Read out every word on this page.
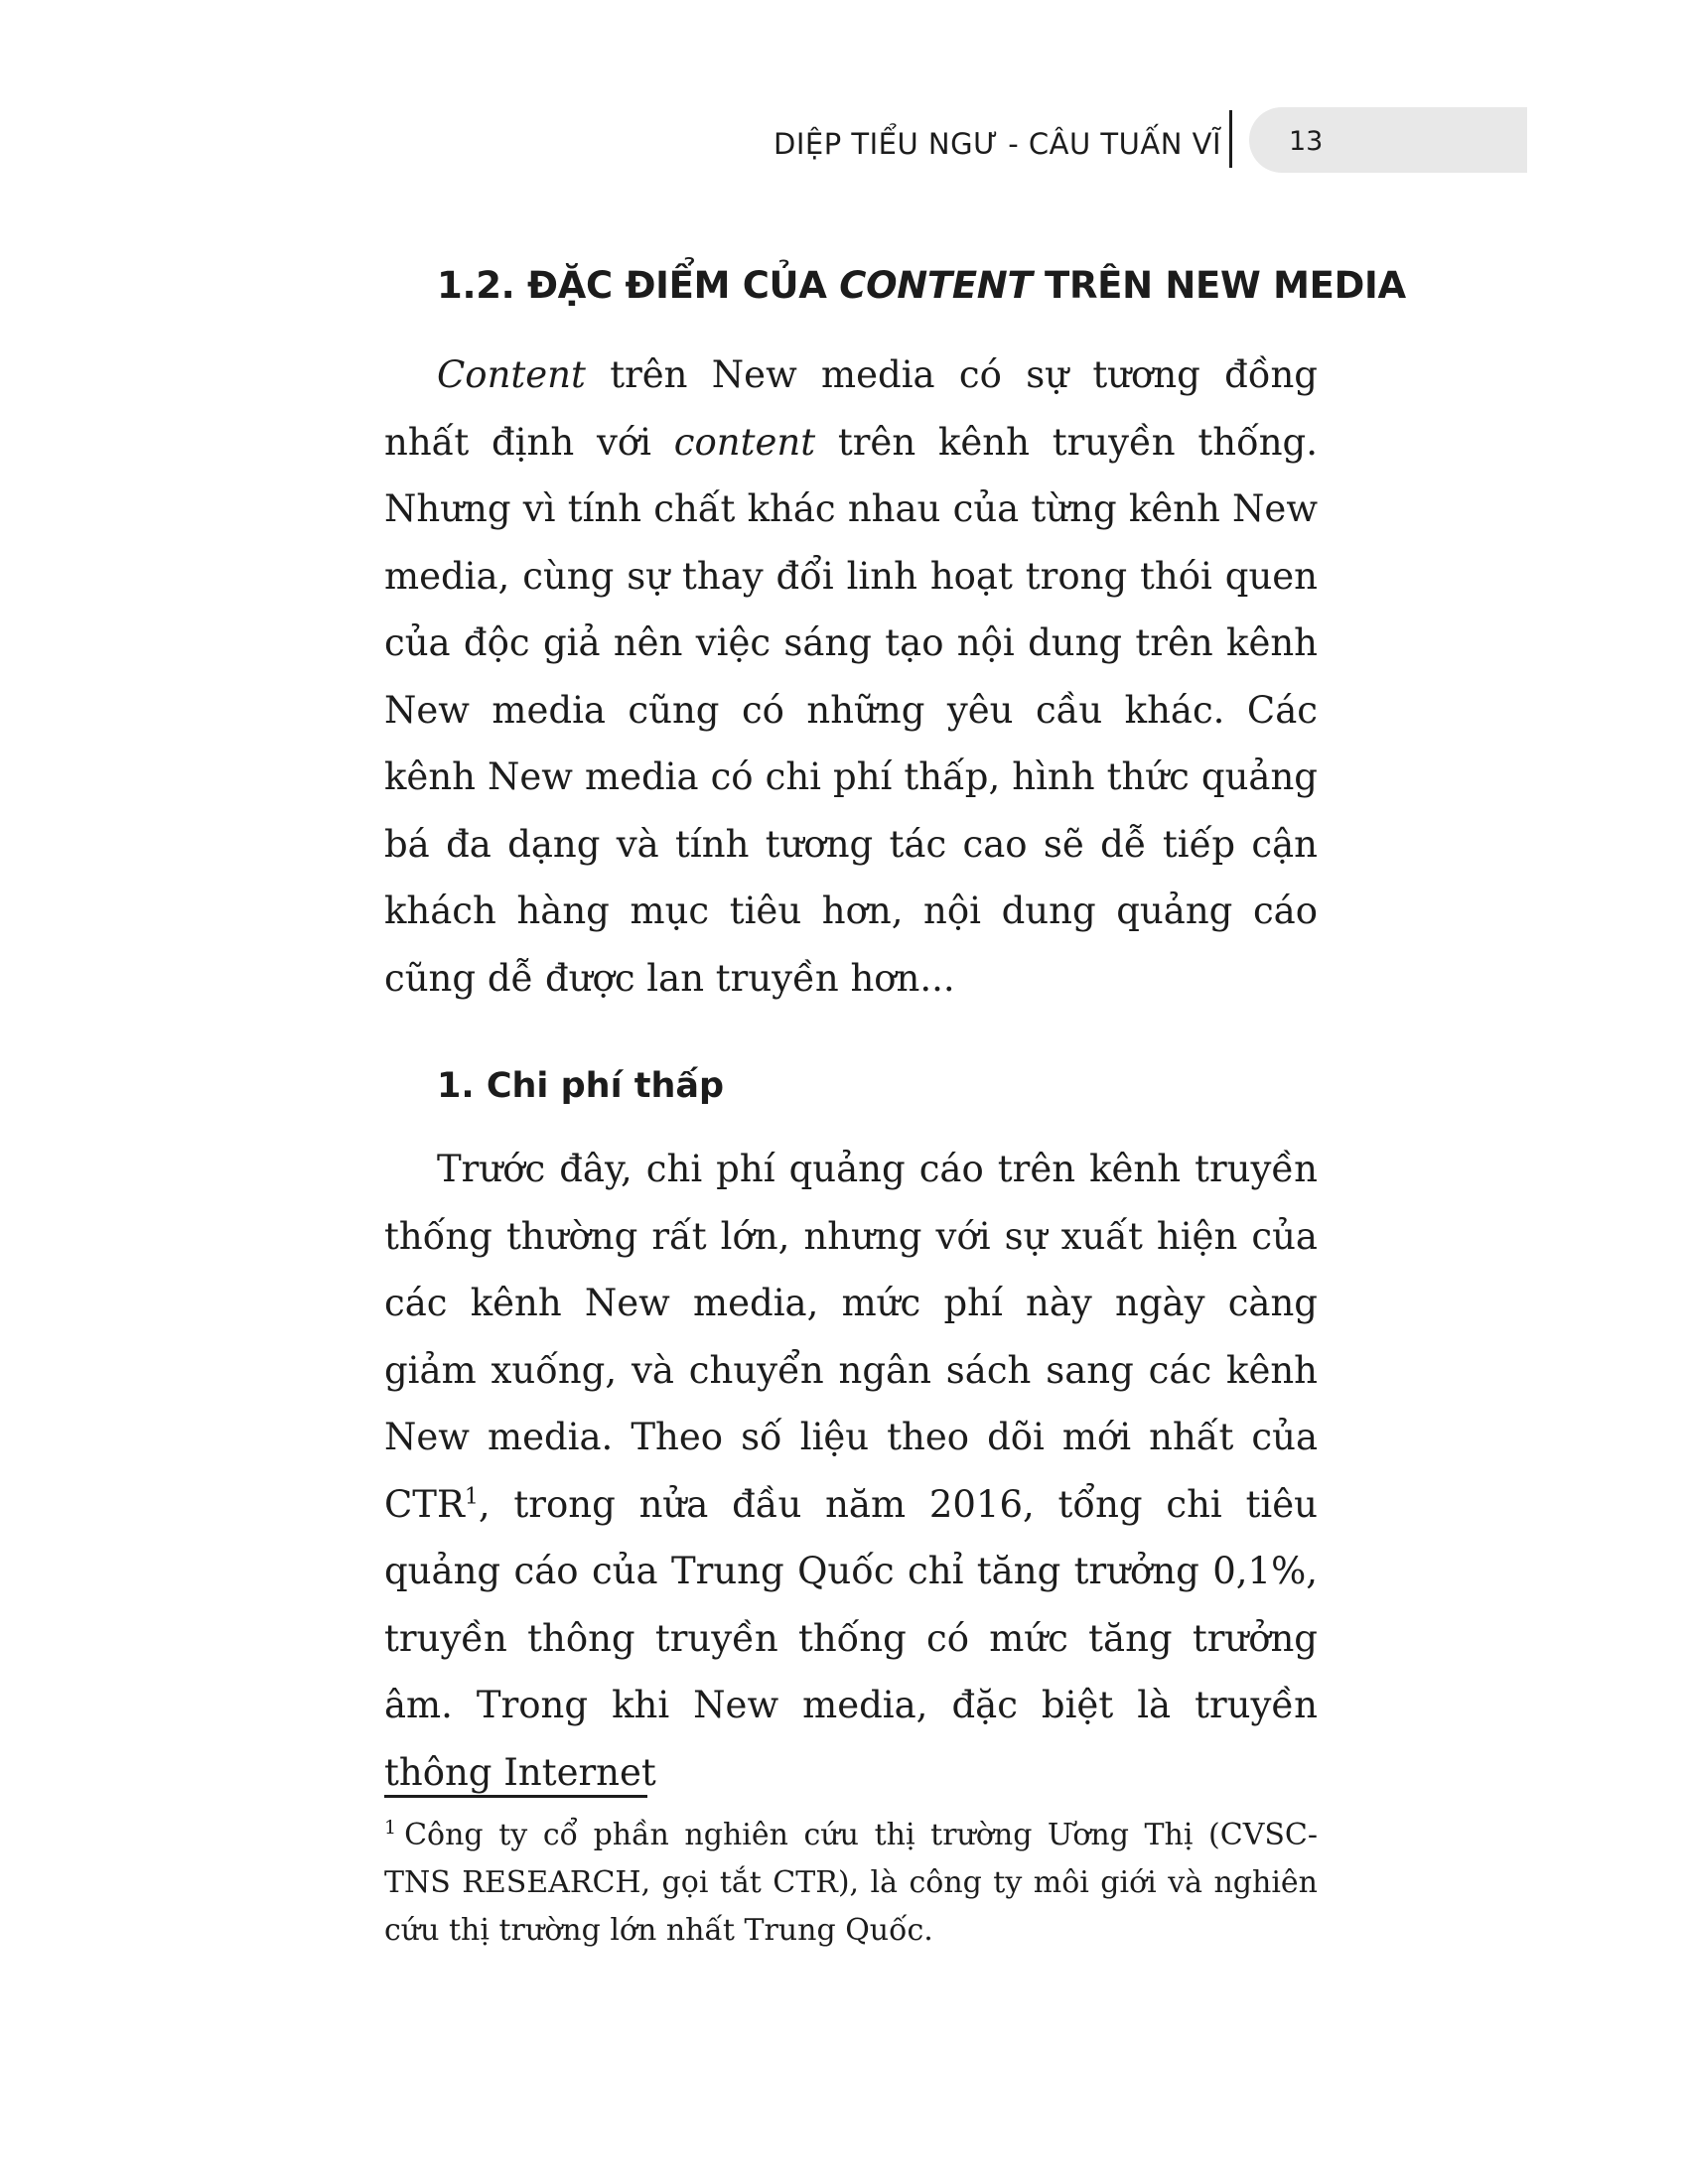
DIỆP TIỂU NGƯ - CÂU TUẤN VĨ	13
1.2. ĐẶC ĐIỂM CỦA CONTENT TRÊN NEW MEDIA

Content trên New media có sự tương đồng nhất định với content trên kênh truyền thống. Nhưng vì tính chất khác nhau của từng kênh New media, cùng sự thay đổi linh hoạt trong thói quen của độc giả nên việc sáng tạo nội dung trên kênh New media cũng có những yêu cầu khác. Các kênh New media có chi phí thấp, hình thức quảng bá đa dạng và tính tương tác cao sẽ dễ tiếp cận khách hàng mục tiêu hơn, nội dung quảng cáo cũng dễ được lan truyền hơn...

1. Chi phí thấp

Trước đây, chi phí quảng cáo trên kênh truyền thống thường rất lớn, nhưng với sự xuất hiện của các kênh New media, mức phí này ngày càng giảm xuống, và chuyển ngân sách sang các kênh New media. Theo số liệu theo dõi mới nhất của CTR$^1$, trong nửa đầu năm 2016, tổng chi tiêu quảng cáo của Trung Quốc chỉ tăng trưởng 0,1%, truyền thông truyền thống có mức tăng trưởng âm. Trong khi New media, đặc biệt là truyền thông Internet

$^1$ Công ty cổ phần nghiên cứu thị trường Ương Thị (CVSC-TNS RESEARCH, gọi tắt CTR), là công ty môi giới và nghiên cứu thị trường lớn nhất Trung Quốc.
